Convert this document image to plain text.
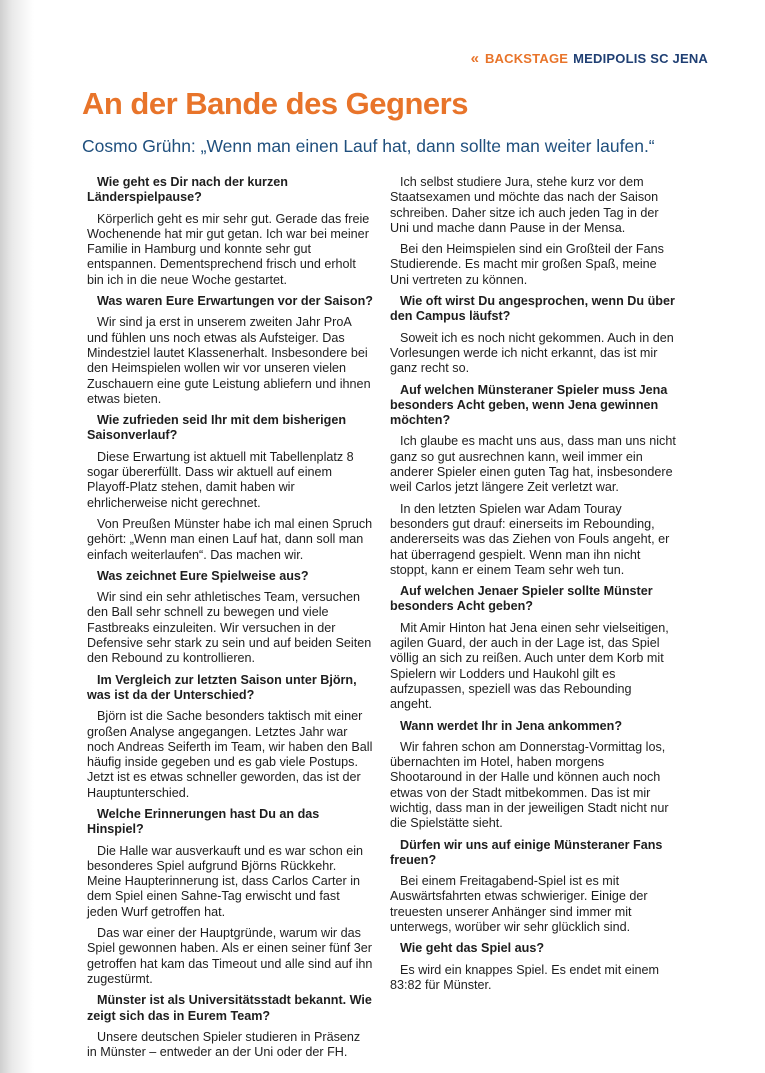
« BACKSTAGE MEDIPOLIS SC JENA
An der Bande des Gegners
Cosmo Grühn: „Wenn man einen Lauf hat, dann sollte man weiter laufen.“

Wie geht es Dir nach der kurzen Länderspielpause?

Körperlich geht es mir sehr gut. Gerade das freie Wochenende hat mir gut getan. Ich war bei meiner Familie in Hamburg und konnte sehr gut entspannen. Dementsprechend frisch und erholt bin ich in die neue Woche gestartet.

Was waren Eure Erwartungen vor der Saison?

Wir sind ja erst in unserem zweiten Jahr ProA und fühlen uns noch etwas als Aufsteiger. Das Mindestziel lautet Klassenerhalt. Insbesondere bei den Heimspielen wollen wir vor unseren vielen Zuschauern eine gute Leistung abliefern und ihnen etwas bieten.

Wie zufrieden seid Ihr mit dem bisherigen Saisonverlauf?

Diese Erwartung ist aktuell mit Tabellenplatz 8 sogar übererfüllt. Dass wir aktuell auf einem Playoff-Platz stehen, damit haben wir ehrlicherweise nicht gerechnet.

Von Preußen Münster habe ich mal einen Spruch gehört: „Wenn man einen Lauf hat, dann soll man einfach weiterlaufen“. Das machen wir.

Was zeichnet Eure Spielweise aus?

Wir sind ein sehr athletisches Team, versuchen den Ball sehr schnell zu bewegen und viele Fastbreaks einzuleiten. Wir versuchen in der Defensive sehr stark zu sein und auf beiden Seiten den Rebound zu kontrollieren.

Im Vergleich zur letzten Saison unter Björn, was ist da der Unterschied?

Björn ist die Sache besonders taktisch mit einer großen Analyse angegangen. Letztes Jahr war noch Andreas Seiferth im Team, wir haben den Ball häufig inside gegeben und es gab viele Postups. Jetzt ist es etwas schneller geworden, das ist der Hauptunterschied.

Welche Erinnerungen hast Du an das Hinspiel?

Die Halle war ausverkauft und es war schon ein besonderes Spiel aufgrund Björns Rückkehr. Meine Haupterinnerung ist, dass Carlos Carter in dem Spiel einen Sahne-Tag erwischt und fast jeden Wurf getroffen hat.

Das war einer der Hauptgründe, warum wir das Spiel gewonnen haben. Als er einen seiner fünf 3er getroffen hat kam das Timeout und alle sind auf ihn zugestürmt.

Münster ist als Universitätsstadt bekannt. Wie zeigt sich das in Eurem Team?

Unsere deutschen Spieler studieren in Präsenz in Münster – entweder an der Uni oder der FH.

Ich selbst studiere Jura, stehe kurz vor dem Staatsexamen und möchte das nach der Saison schreiben. Daher sitze ich auch jeden Tag in der Uni und mache dann Pause in der Mensa.

Bei den Heimspielen sind ein Großteil der Fans Studierende. Es macht mir großen Spaß, meine Uni vertreten zu können.

Wie oft wirst Du angesprochen, wenn Du über den Campus läufst?

Soweit ich es noch nicht gekommen. Auch in den Vorlesungen werde ich nicht erkannt, das ist mir ganz recht so.

Auf welchen Münsteraner Spieler muss Jena besonders Acht geben, wenn Jena gewinnen möchten?

Ich glaube es macht uns aus, dass man uns nicht ganz so gut ausrechnen kann, weil immer ein anderer Spieler einen guten Tag hat, insbesondere weil Carlos jetzt längere Zeit verletzt war.

In den letzten Spielen war Adam Touray besonders gut drauf: einerseits im Rebounding, andererseits was das Ziehen von Fouls angeht, er hat überragend gespielt. Wenn man ihn nicht stoppt, kann er einem Team sehr weh tun.

Auf welchen Jenaer Spieler sollte Münster besonders Acht geben?

Mit Amir Hinton hat Jena einen sehr vielseitigen, agilen Guard, der auch in der Lage ist, das Spiel völlig an sich zu reißen. Auch unter dem Korb mit Spielern wir Lodders und Haukohl gilt es aufzupassen, speziell was das Rebounding angeht.

Wann werdet Ihr in Jena ankommen?

Wir fahren schon am Donnerstag-Vormittag los, übernachten im Hotel, haben morgens Shootaround in der Halle und können auch noch etwas von der Stadt mitbekommen. Das ist mir wichtig, dass man in der jeweiligen Stadt nicht nur die Spielstätte sieht.

Dürfen wir uns auf einige Münsteraner Fans freuen?

Bei einem Freitagabend-Spiel ist es mit Auswärtsfahrten etwas schwieriger. Einige der treuesten unserer Anhänger sind immer mit unterwegs, worüber wir sehr glücklich sind.

Wie geht das Spiel aus?

Es wird ein knappes Spiel. Es endet mit einem 83:82 für Münster.
